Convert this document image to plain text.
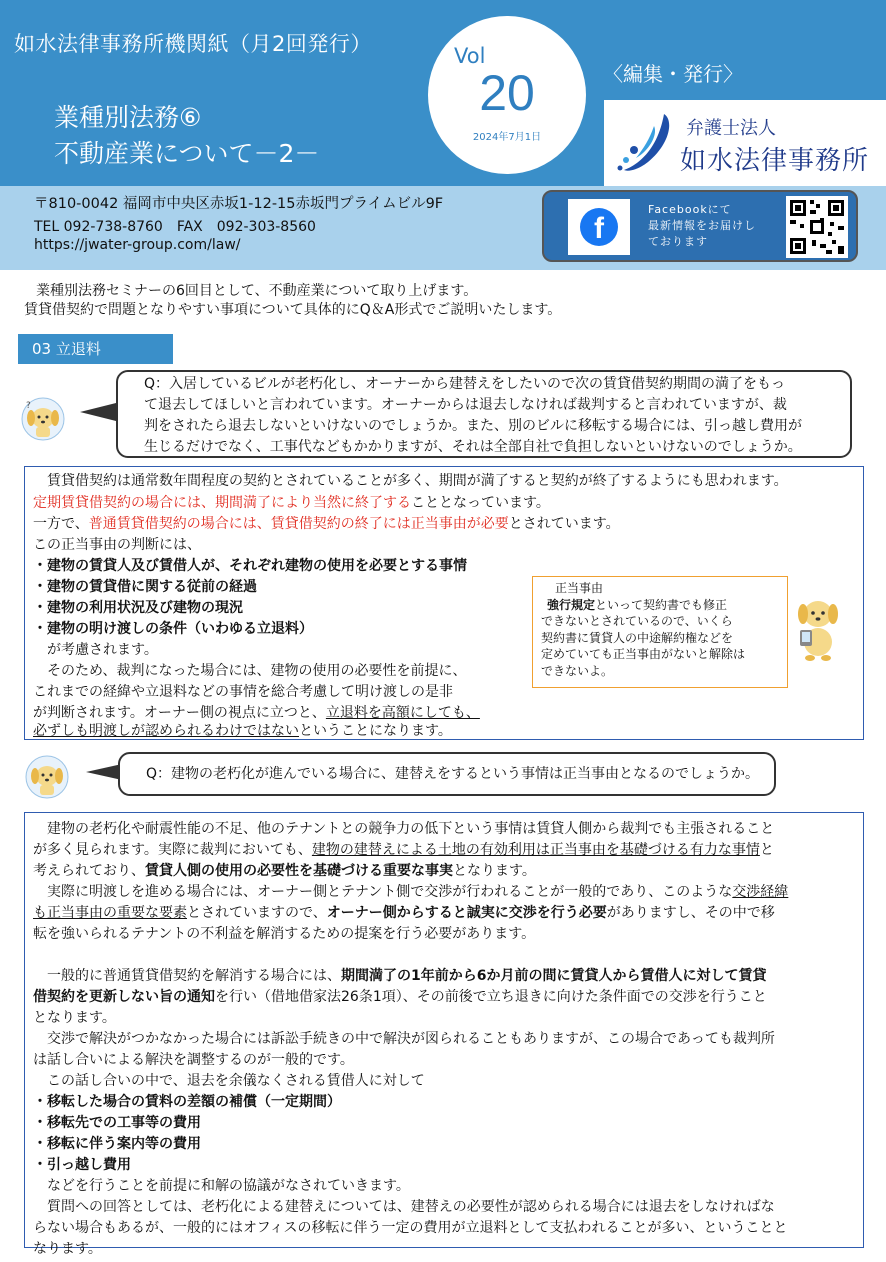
如水法律事務所機関紙（月2回発行）
業種別法務⑥
不動産業について－2－
Vol
20
2024年7月1日
〈編集・発行〉
弁護士法人
如水法律事務所
〒810-0042 福岡市中央区赤坂1-12-15赤坂門プライムビル9F
TEL 092-738-8760　FAX　092-303-8560
https://jwater-group.com/law/	f
Facebookにて
最新情報をお届けし
ております
業種別法務セミナーの6回目として、不動産業について取り上げます。
賃貸借契約で問題となりやすい事項について具体的にQ＆A形式でご説明いたします。
03 立退料
?
Q：入居しているビルが老朽化し、オーナーから建替えをしたいので次の賃貸借契約期間の満了をもっ
て退去してほしいと言われています。オーナーからは退去しなければ裁判すると言われていますが、裁
判をされたら退去しないといけないのでしょうか。また、別のビルに移転する場合には、引っ越し費用が
生じるだけでなく、工事代などもかかりますが、それは全部自社で負担しないといけないのでしょうか。
賃貸借契約は通常数年間程度の契約とされていることが多く、期間が満了すると契約が終了するようにも思われます。
定期賃貸借契約の場合には、期間満了により当然に終了することとなっています。
一方で、普通賃貸借契約の場合には、賃貸借契約の終了には正当事由が必要とされています。
この正当事由の判断には、
・建物の賃貸人及び賃借人が、それぞれ建物の使用を必要とする事情
・建物の賃貸借に関する従前の経過
・建物の利用状況及び建物の現況
・建物の明け渡しの条件（いわゆる立退料）
が考慮されます。
そのため、裁判になった場合には、建物の使用の必要性を前提に、
これまでの経緯や立退料などの事情を総合考慮して明け渡しの是非
が判断されます。オーナー側の視点に立つと、立退料を高額にしても、
必ずしも明渡しが認められるわけではないということになります。
正当事由
強行規定といって契約書でも修正
できないとされているので、いくら
契約書に賃貸人の中途解約権などを
定めていても正当事由がないと解除は
できないよ。
Q：建物の老朽化が進んでいる場合に、建替えをするという事情は正当事由となるのでしょうか。
建物の老朽化や耐震性能の不足、他のテナントとの競争力の低下という事情は賃貸人側から裁判でも主張されること
が多く見られます。実際に裁判においても、建物の建替えによる土地の有効利用は正当事由を基礎づける有力な事情と
考えられており、賃貸人側の使用の必要性を基礎づける重要な事実となります。
実際に明渡しを進める場合には、オーナー側とテナント側で交渉が行われることが一般的であり、このような交渉経緯
も正当事由の重要な要素とされていますので、オーナー側からすると誠実に交渉を行う必要がありますし、その中で移
転を強いられるテナントの不利益を解消するための提案を行う必要があります。
一般的に普通賃貸借契約を解消する場合には、期間満了の1年前から6か月前の間に賃貸人から賃借人に対して賃貸
借契約を更新しない旨の通知を行い（借地借家法26条1項）、その前後で立ち退きに向けた条件面での交渉を行うこと
となります。
交渉で解決がつかなかった場合には訴訟手続きの中で解決が図られることもありますが、この場合であっても裁判所
は話し合いによる解決を調整するのが一般的です。
この話し合いの中で、退去を余儀なくされる賃借人に対して
・移転した場合の賃料の差額の補償（一定期間）
・移転先での工事等の費用
・移転に伴う案内等の費用
・引っ越し費用
などを行うことを前提に和解の協議がなされていきます。
質問への回答としては、老朽化による建替えについては、建替えの必要性が認められる場合には退去をしなければな
らない場合もあるが、一般的にはオフィスの移転に伴う一定の費用が立退料として支払われることが多い、ということと
なります。
